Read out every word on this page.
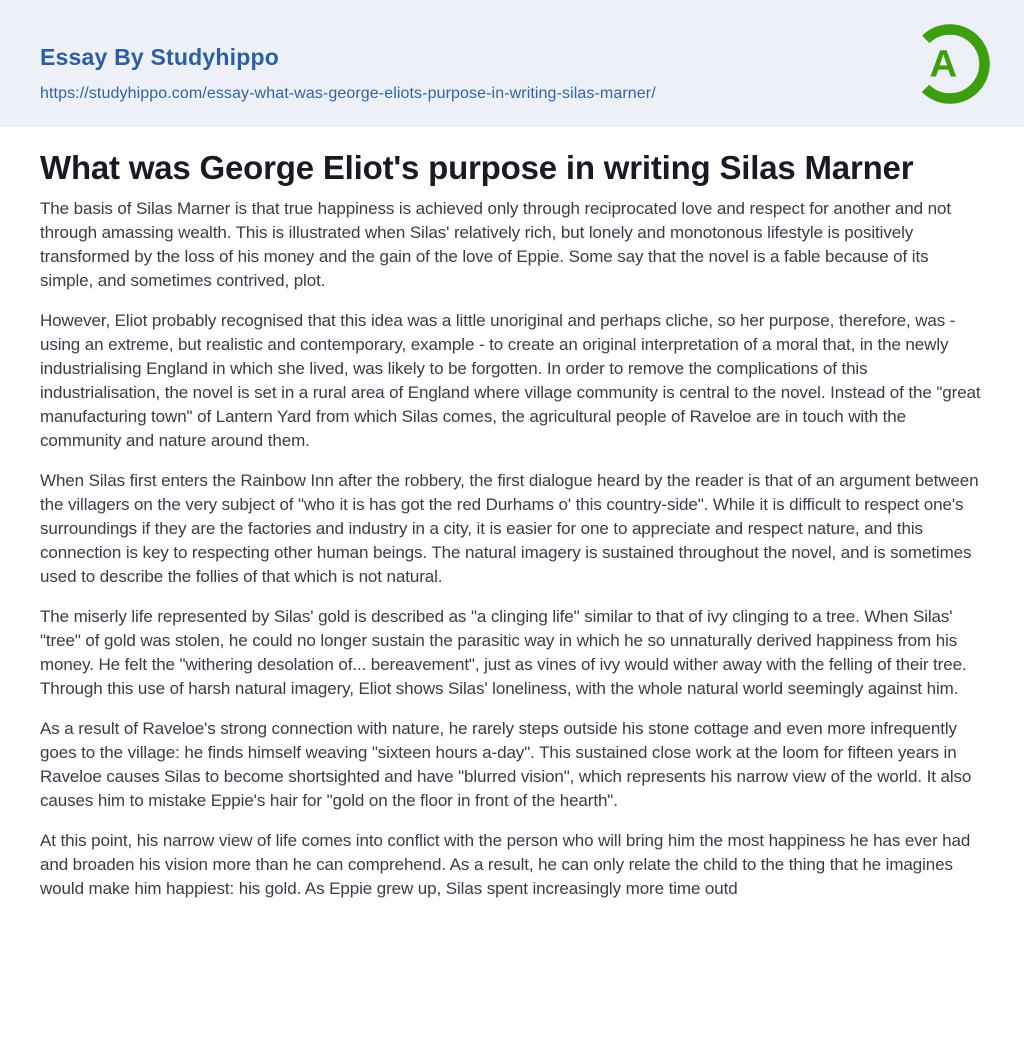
Essay By Studyhippo
https://studyhippo.com/essay-what-was-george-eliots-purpose-in-writing-silas-marner/
A
What was George Eliot's purpose in writing Silas Marner

The basis of Silas Marner is that true happiness is achieved only through reciprocated love and respect for another and not through amassing wealth. This is illustrated when Silas' relatively rich, but lonely and monotonous lifestyle is positively transformed by the loss of his money and the gain of the love of Eppie. Some say that the novel is a fable because of its simple, and sometimes contrived, plot.

However, Eliot probably recognised that this idea was a little unoriginal and perhaps cliche, so her purpose, therefore, was - using an extreme, but realistic and contemporary, example - to create an original interpretation of a moral that, in the newly industrialising England in which she lived, was likely to be forgotten. In order to remove the complications of this industrialisation, the novel is set in a rural area of England where village community is central to the novel. Instead of the "great manufacturing town" of Lantern Yard from which Silas comes, the agricultural people of Raveloe are in touch with the community and nature around them.

When Silas first enters the Rainbow Inn after the robbery, the first dialogue heard by the reader is that of an argument between the villagers on the very subject of "who it is has got the red Durhams o' this country-side". While it is difficult to respect one's surroundings if they are the factories and industry in a city, it is easier for one to appreciate and respect nature, and this connection is key to respecting other human beings. The natural imagery is sustained throughout the novel, and is sometimes used to describe the follies of that which is not natural.

The miserly life represented by Silas' gold is described as "a clinging life" similar to that of ivy clinging to a tree. When Silas' "tree" of gold was stolen, he could no longer sustain the parasitic way in which he so unnaturally derived happiness from his money. He felt the "withering desolation of... bereavement", just as vines of ivy would wither away with the felling of their tree. Through this use of harsh natural imagery, Eliot shows Silas' loneliness, with the whole natural world seemingly against him.

As a result of Raveloe's strong connection with nature, he rarely steps outside his stone cottage and even more infrequently goes to the village: he finds himself weaving "sixteen hours a-day". This sustained close work at the loom for fifteen years in Raveloe causes Silas to become shortsighted and have "blurred vision", which represents his narrow view of the world. It also causes him to mistake Eppie's hair for "gold on the floor in front of the hearth".

At this point, his narrow view of life comes into conflict with the person who will bring him the most happiness he has ever had and broaden his vision more than he can comprehend. As a result, he can only relate the child to the thing that he imagines would make him happiest: his gold. As Eppie grew up, Silas spent increasingly more time outd
